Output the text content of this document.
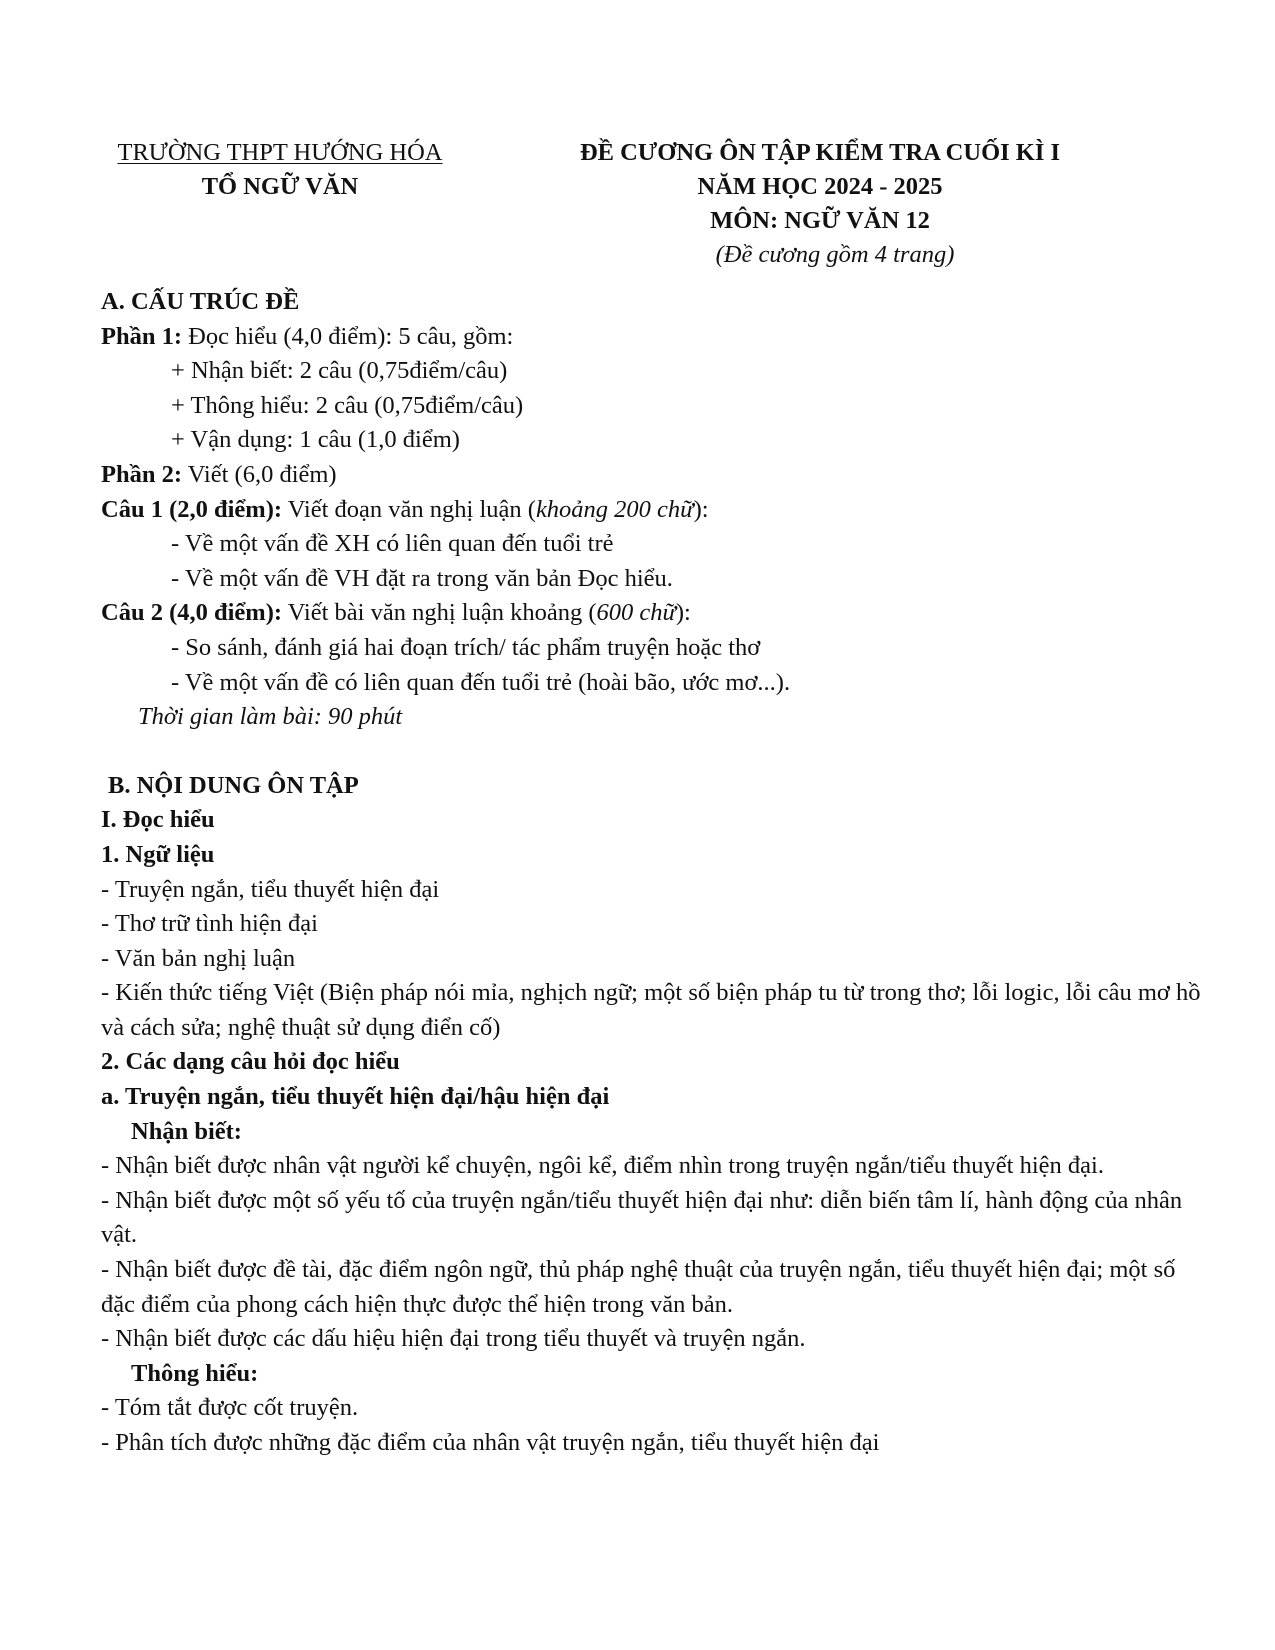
TRƯỜNG THPT HƯỚNG HÓA
TỔ NGỮ VĂN
ĐỀ CƯƠNG ÔN TẬP KIỂM TRA CUỐI KÌ I
NĂM HỌC 2024 - 2025
MÔN: NGỮ VĂN 12
(Đề cương gồm 4 trang)
A. CẤU TRÚC ĐỀ
Phần 1: Đọc hiểu (4,0 điểm): 5 câu, gồm:
+ Nhận biết: 2 câu (0,75điểm/câu)
+ Thông hiểu: 2 câu (0,75điểm/câu)
+ Vận dụng: 1 câu (1,0 điểm)
Phần 2: Viết (6,0 điểm)
Câu 1 (2,0 điểm): Viết đoạn văn nghị luận (khoảng 200 chữ):
- Về một vấn đề XH có liên quan đến tuổi trẻ
- Về một vấn đề VH đặt ra trong văn bản Đọc hiểu.
Câu 2 (4,0 điểm): Viết bài văn nghị luận khoảng (600 chữ):
- So sánh, đánh giá hai đoạn trích/ tác phẩm truyện hoặc thơ
- Về một vấn đề có liên quan đến tuổi trẻ (hoài bão, ước mơ...).
Thời gian làm bài: 90 phút
B. NỘI DUNG ÔN TẬP
I. Đọc hiểu
1. Ngữ liệu
- Truyện ngắn, tiểu thuyết hiện đại
- Thơ trữ tình hiện đại
- Văn bản nghị luận
- Kiến thức tiếng Việt (Biện pháp nói mỉa, nghịch ngữ; một số biện pháp tu từ trong thơ; lỗi logic, lỗi câu mơ hồ và cách sửa; nghệ thuật sử dụng điển cố)
2. Các dạng câu hỏi đọc hiểu
a. Truyện ngắn, tiểu thuyết hiện đại/hậu hiện đại
Nhận biết:
- Nhận biết được nhân vật người kể chuyện, ngôi kể, điểm nhìn trong truyện ngắn/tiểu thuyết hiện đại.
- Nhận biết được một số yếu tố của truyện ngắn/tiểu thuyết hiện đại như: diễn biến tâm lí, hành động của nhân vật.
- Nhận biết được đề tài, đặc điểm ngôn ngữ, thủ pháp nghệ thuật của truyện ngắn, tiểu thuyết hiện đại; một số đặc điểm của phong cách hiện thực được thể hiện trong văn bản.
- Nhận biết được các dấu hiệu hiện đại trong tiểu thuyết và truyện ngắn.
Thông hiểu:
- Tóm tắt được cốt truyện.
- Phân tích được những đặc điểm của nhân vật truyện ngắn, tiểu thuyết hiện đại
